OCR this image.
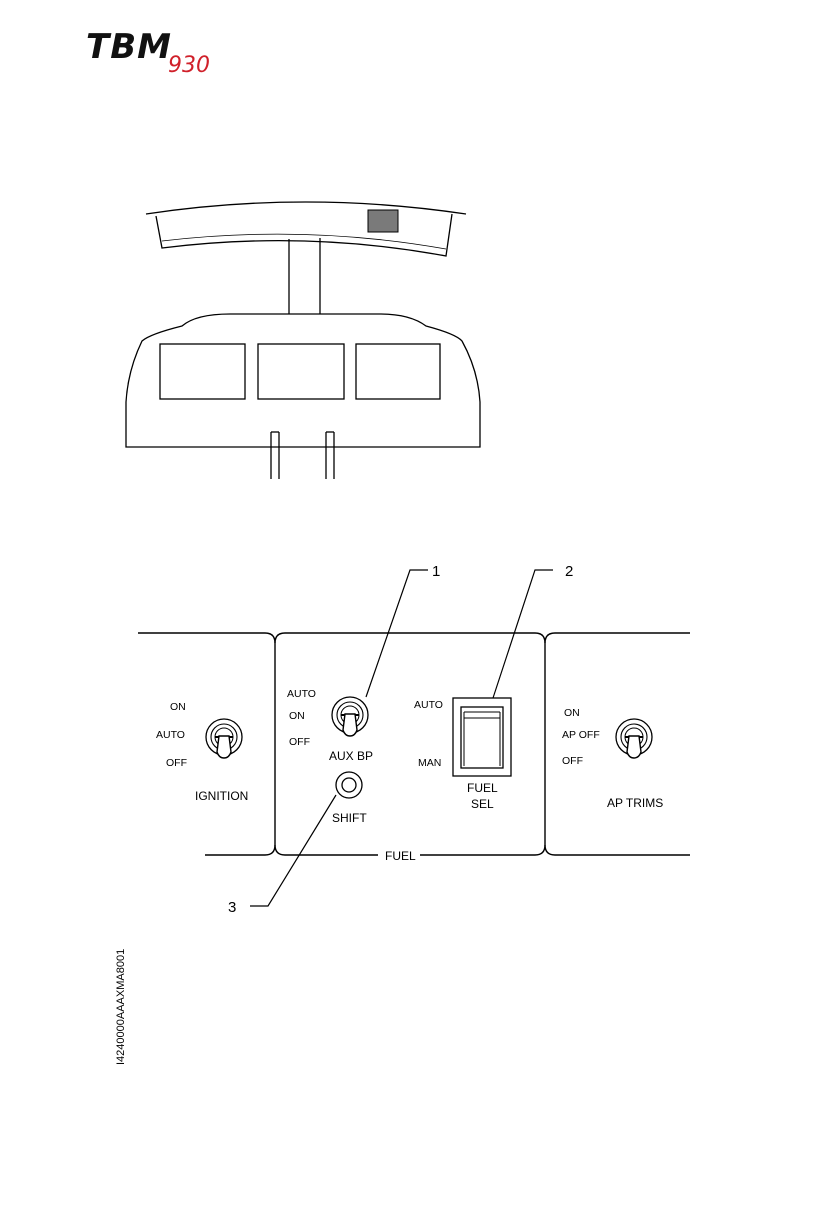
TBM
930
ON
AUTO
OFF
IGNITION
AUTO
ON
OFF
AUX BP
SHIFT
AUTO
MAN
FUEL
SEL
FUEL
ON
AP OFF
OFF
AP TRIMS
1	2
3
I4240000AAAXMA8001
